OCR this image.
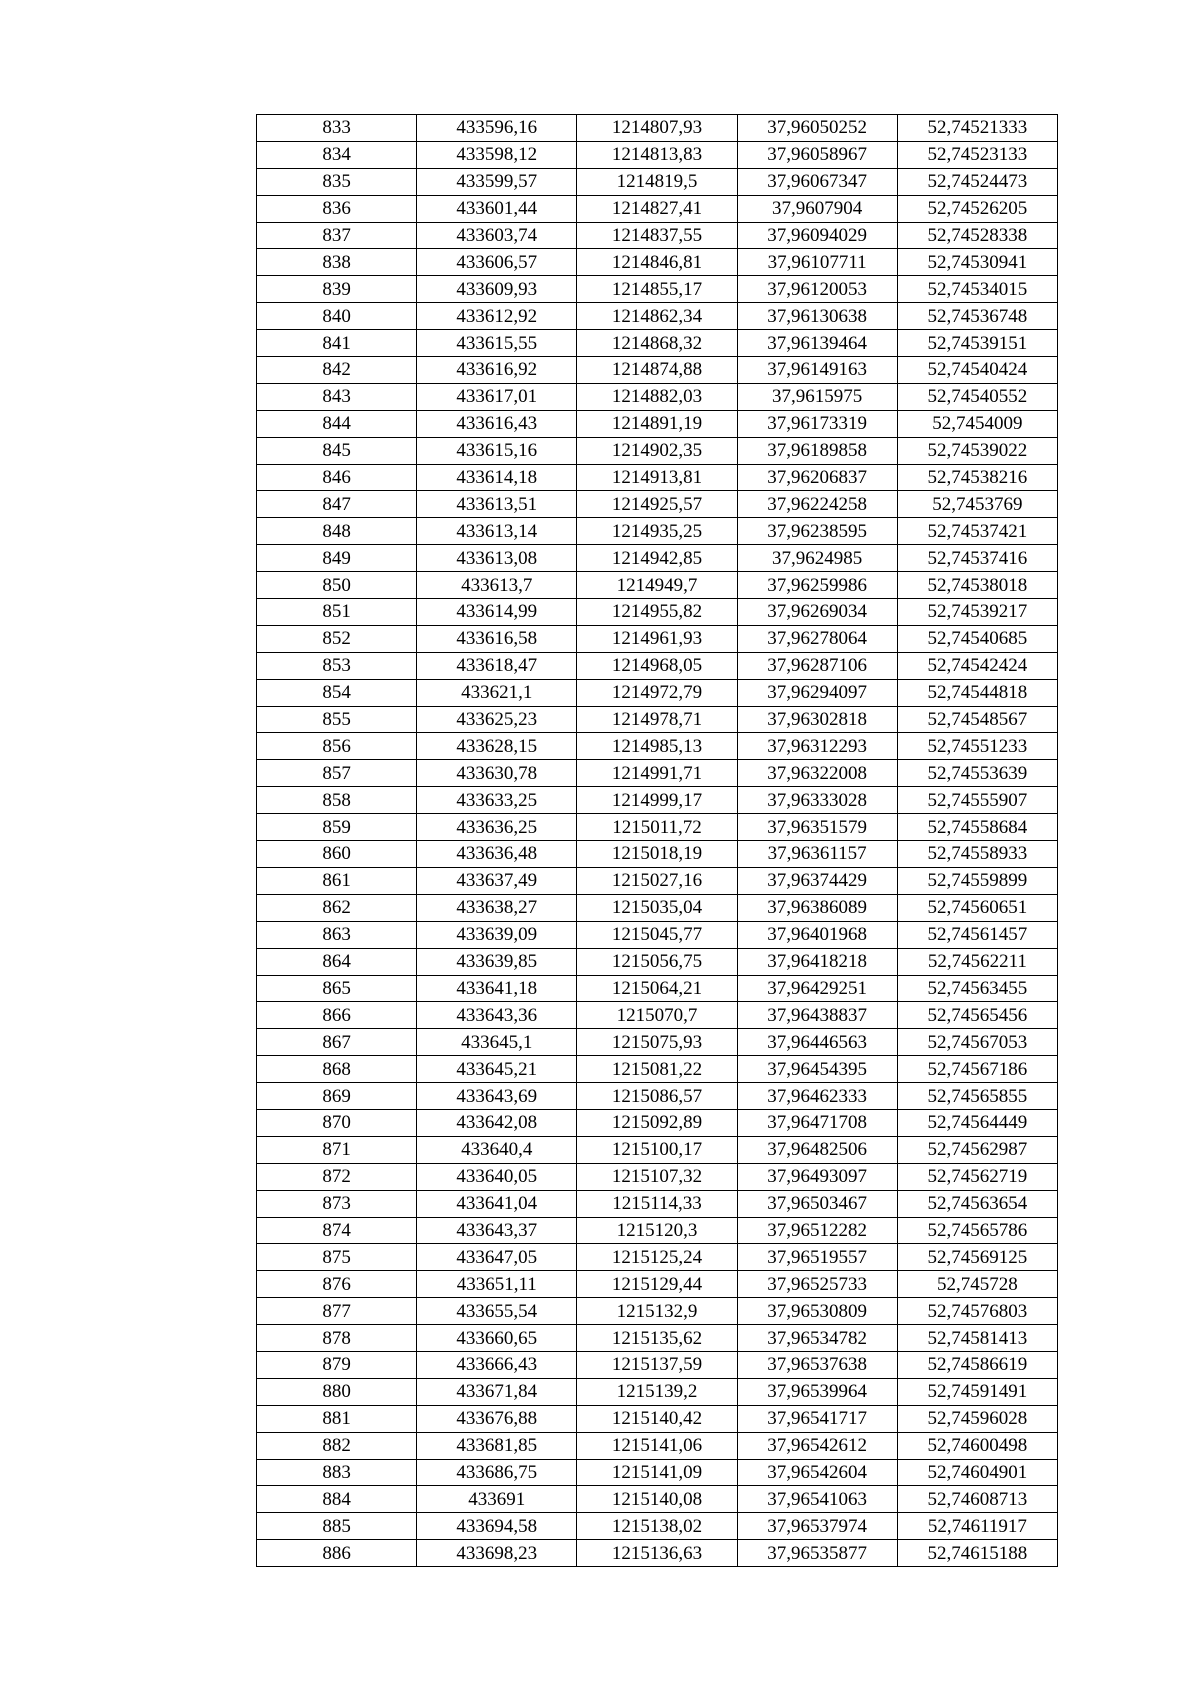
833	433596,16	1214807,93	37,96050252	52,74521333
834	433598,12	1214813,83	37,96058967	52,74523133
835	433599,57	1214819,5	37,96067347	52,74524473
836	433601,44	1214827,41	37,9607904	52,74526205
837	433603,74	1214837,55	37,96094029	52,74528338
838	433606,57	1214846,81	37,96107711	52,74530941
839	433609,93	1214855,17	37,96120053	52,74534015
840	433612,92	1214862,34	37,96130638	52,74536748
841	433615,55	1214868,32	37,96139464	52,74539151
842	433616,92	1214874,88	37,96149163	52,74540424
843	433617,01	1214882,03	37,9615975	52,74540552
844	433616,43	1214891,19	37,96173319	52,7454009
845	433615,16	1214902,35	37,96189858	52,74539022
846	433614,18	1214913,81	37,96206837	52,74538216
847	433613,51	1214925,57	37,96224258	52,7453769
848	433613,14	1214935,25	37,96238595	52,74537421
849	433613,08	1214942,85	37,9624985	52,74537416
850	433613,7	1214949,7	37,96259986	52,74538018
851	433614,99	1214955,82	37,96269034	52,74539217
852	433616,58	1214961,93	37,96278064	52,74540685
853	433618,47	1214968,05	37,96287106	52,74542424
854	433621,1	1214972,79	37,96294097	52,74544818
855	433625,23	1214978,71	37,96302818	52,74548567
856	433628,15	1214985,13	37,96312293	52,74551233
857	433630,78	1214991,71	37,96322008	52,74553639
858	433633,25	1214999,17	37,96333028	52,74555907
859	433636,25	1215011,72	37,96351579	52,74558684
860	433636,48	1215018,19	37,96361157	52,74558933
861	433637,49	1215027,16	37,96374429	52,74559899
862	433638,27	1215035,04	37,96386089	52,74560651
863	433639,09	1215045,77	37,96401968	52,74561457
864	433639,85	1215056,75	37,96418218	52,74562211
865	433641,18	1215064,21	37,96429251	52,74563455
866	433643,36	1215070,7	37,96438837	52,74565456
867	433645,1	1215075,93	37,96446563	52,74567053
868	433645,21	1215081,22	37,96454395	52,74567186
869	433643,69	1215086,57	37,96462333	52,74565855
870	433642,08	1215092,89	37,96471708	52,74564449
871	433640,4	1215100,17	37,96482506	52,74562987
872	433640,05	1215107,32	37,96493097	52,74562719
873	433641,04	1215114,33	37,96503467	52,74563654
874	433643,37	1215120,3	37,96512282	52,74565786
875	433647,05	1215125,24	37,96519557	52,74569125
876	433651,11	1215129,44	37,96525733	52,745728
877	433655,54	1215132,9	37,96530809	52,74576803
878	433660,65	1215135,62	37,96534782	52,74581413
879	433666,43	1215137,59	37,96537638	52,74586619
880	433671,84	1215139,2	37,96539964	52,74591491
881	433676,88	1215140,42	37,96541717	52,74596028
882	433681,85	1215141,06	37,96542612	52,74600498
883	433686,75	1215141,09	37,96542604	52,74604901
884	433691	1215140,08	37,96541063	52,74608713
885	433694,58	1215138,02	37,96537974	52,74611917
886	433698,23	1215136,63	37,96535877	52,74615188
